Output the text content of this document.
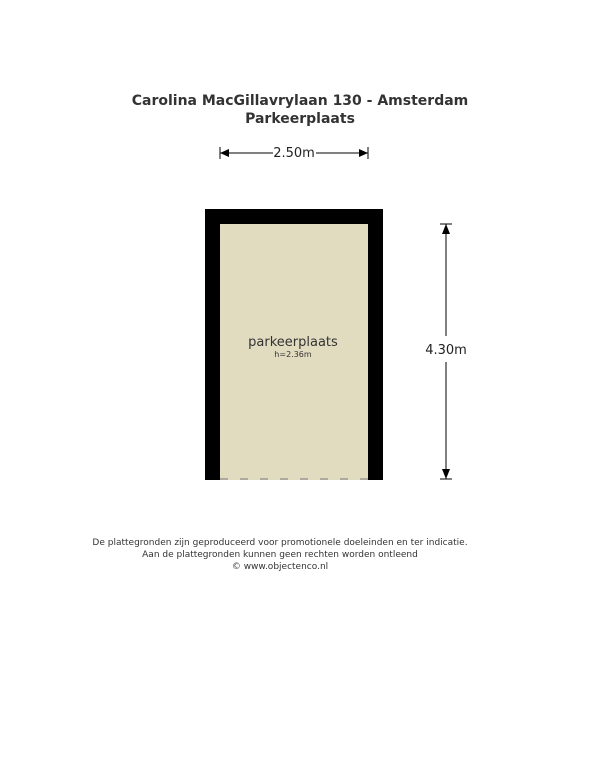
Carolina MacGillavrylaan 130 - Amsterdam
Parkeerplaats
2.50m
parkeerplaats
h=2.36m	4.30m
De plattegronden zijn geproduceerd voor promotionele doeleinden en ter indicatie.
Aan de plattegronden kunnen geen rechten worden ontleend
© www.objectenco.nl
